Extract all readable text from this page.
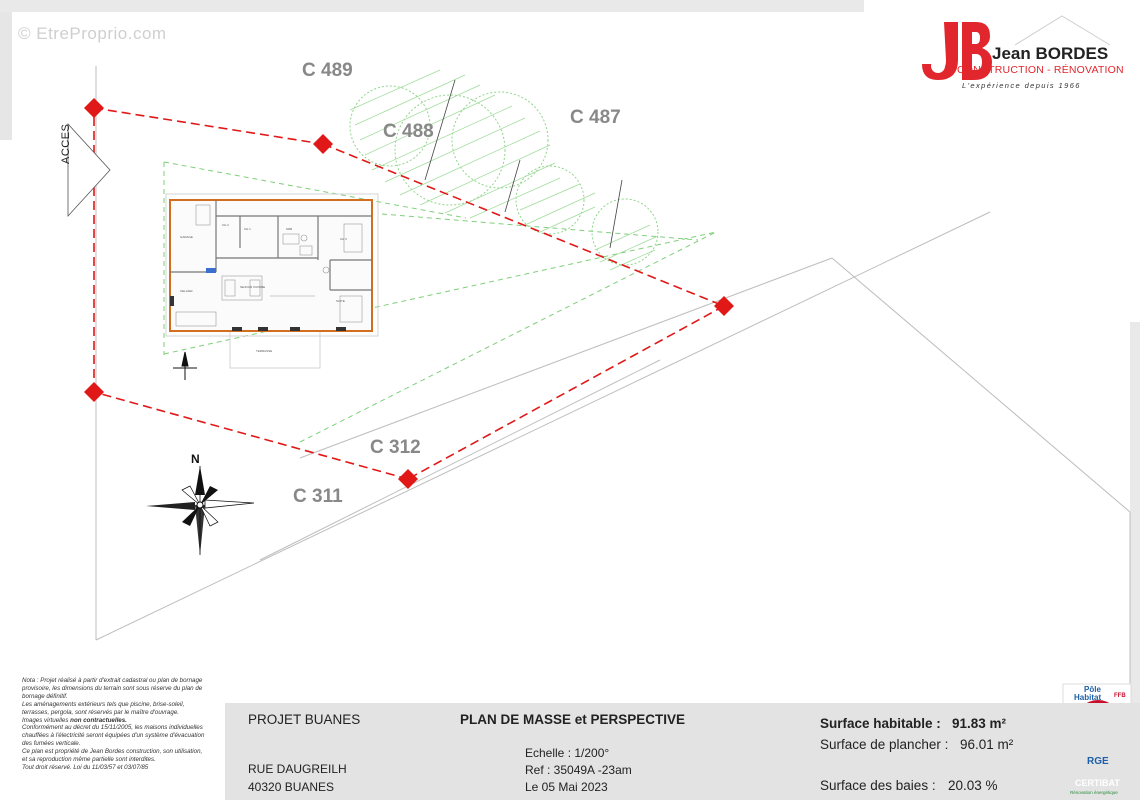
GARAGE
CH 2
CH 1	SDB
CH 3
SEJOUR CUISINE
CELLIER
SUITE
TERRASSE
© EtreProprio.com
Jean BORDES
CONSTRUCTION - RÉNOVATION
L'expérience depuis 1966
C 489
C 488
C 487
C 312
C 311
ACCES
N
Nota : Projet réalisé à partir d'extrait cadastral ou plan de bornage
provisoire, les dimensions du terrain sont sous réserve du plan de
bornage définitif.
Les aménagements extérieurs tels que piscine, brise-soleil,
terrasses, pergola, sont réservés par le maître d'ouvrage.
Images virtuelles non contractuelles.
Conformément au décret du 15/11/2005, les maisons individuelles
chauffées à l'électricité seront équipées d'un système d'évacuation
des fumées verticale.
Ce plan est propriété de Jean Bordes construction, son utilisation,
et sa reproduction même partielle sont interdites.
Tout droit réservé. Loi du 11/03/57 et 03/07/85
PROJET BUANES
RUE DAUGREILH
40320 BUANES
PLAN DE MASSE et PERSPECTIVE
Echelle : 1/200°
Ref : 35049A -23am
Le 05 Mai 2023
Surface habitable : 91.83 m²
Surface de plancher : 96.01 m²
Surface des baies : 20.03 %
Pôle
Habitat FFB
RGE
CERTIBAT
Rénovation énergétique
